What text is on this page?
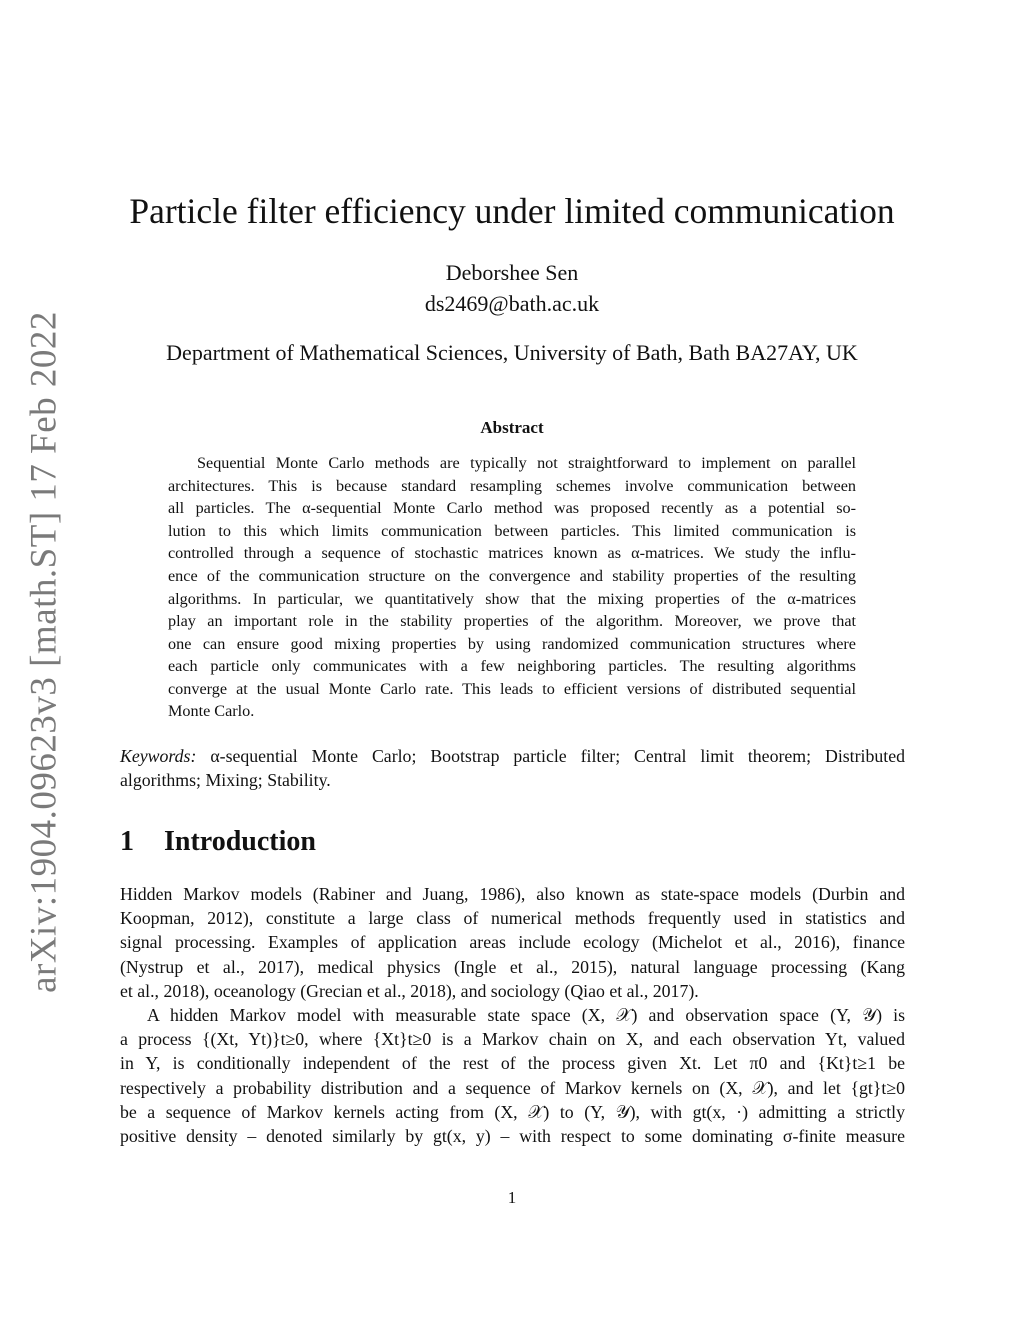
arXiv:1904.09623v3 [math.ST] 17 Feb 2022
Particle filter efficiency under limited communication
Deborshee Sen
ds2469@bath.ac.uk
Department of Mathematical Sciences, University of Bath, Bath BA27AY, UK
Abstract
Sequential Monte Carlo methods are typically not straightforward to implement on parallel
architectures. This is because standard resampling schemes involve communication between
all particles. The α-sequential Monte Carlo method was proposed recently as a potential so-
lution to this which limits communication between particles. This limited communication is
controlled through a sequence of stochastic matrices known as α-matrices. We study the influ-
ence of the communication structure on the convergence and stability properties of the resulting
algorithms. In particular, we quantitatively show that the mixing properties of the α-matrices
play an important role in the stability properties of the algorithm. Moreover, we prove that
one can ensure good mixing properties by using randomized communication structures where
each particle only communicates with a few neighboring particles. The resulting algorithms
converge at the usual Monte Carlo rate. This leads to efficient versions of distributed sequential
Monte Carlo.
Keywords: α-sequential Monte Carlo; Bootstrap particle filter; Central limit theorem; Distributed
algorithms; Mixing; Stability.
1 Introduction
Hidden Markov models (Rabiner and Juang, 1986), also known as state-space models (Durbin and
Koopman, 2012), constitute a large class of numerical methods frequently used in statistics and
signal processing. Examples of application areas include ecology (Michelot et al., 2016), finance
(Nystrup et al., 2017), medical physics (Ingle et al., 2015), natural language processing (Kang
et al., 2018), oceanology (Grecian et al., 2018), and sociology (Qiao et al., 2017).
A hidden Markov model with measurable state space (X, 𝒳) and observation space (Y, 𝒴) is
a process {(Xt, Yt)}t≥0, where {Xt}t≥0 is a Markov chain on X, and each observation Yt, valued
in Y, is conditionally independent of the rest of the process given Xt. Let π0 and {Kt}t≥1 be
respectively a probability distribution and a sequence of Markov kernels on (X, 𝒳), and let {gt}t≥0
be a sequence of Markov kernels acting from (X, 𝒳) to (Y, 𝒴), with gt(x, ·) admitting a strictly
positive density – denoted similarly by gt(x, y) – with respect to some dominating σ-finite measure
1
